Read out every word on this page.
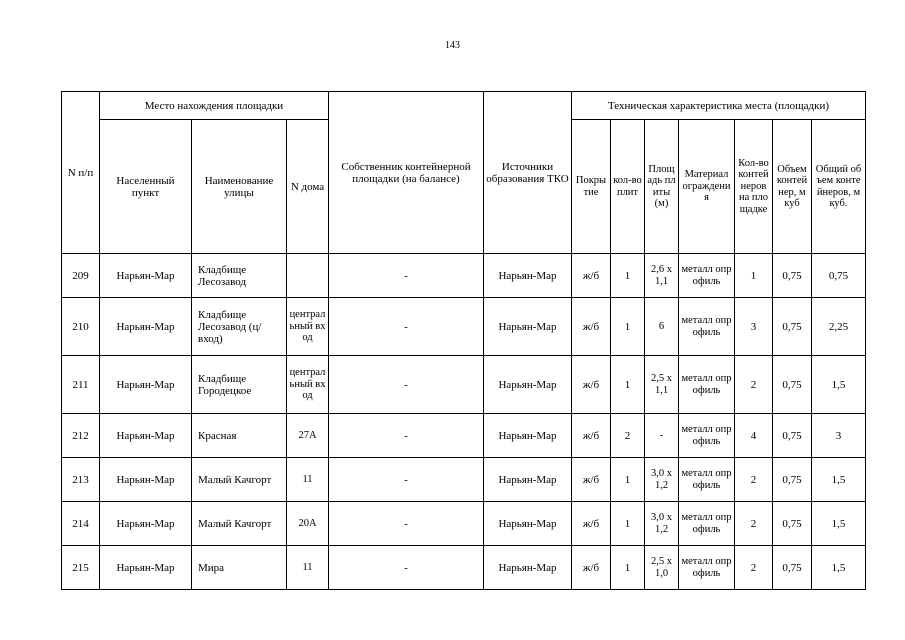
143
N п/п	Место нахождения площадки			Собственник контейнерной площадки (на балансе)	Источники образования ТКО	Техническая характеристика места (площадки)						
	Населенный пункт	Наименование улицы	N дома			Покрытие	кол-во плит	Площадь плиты (м)	Материал ограждения	Кол-во контейнеров на площадке	Объем контейнер, м куб	Общий объем контейнеров, м куб.
209	Нарьян-Мар	Кладбище Лесозавод		-	Нарьян-Мар	ж/б	1	2,6 х 1,1	металл опрофиль	1	0,75	0,75
210	Нарьян-Мар	Кладбище Лесозавод (ц/вход)	центральный вход	-	Нарьян-Мар	ж/б	1	6	металл опрофиль	3	0,75	2,25
211	Нарьян-Мар	Кладбище Городецкое	центральный вход	-	Нарьян-Мар	ж/б	1	2,5 х 1,1	металл опрофиль	2	0,75	1,5
212	Нарьян-Мар	Красная	27А	-	Нарьян-Мар	ж/б	2	-	металл опрофиль	4	0,75	3
213	Нарьян-Мар	Малый Качгорт	11	-	Нарьян-Мар	ж/б	1	3,0 х 1,2	металл опрофиль	2	0,75	1,5
214	Нарьян-Мар	Малый Качгорт	20А	-	Нарьян-Мар	ж/б	1	3,0 х 1,2	металл опрофиль	2	0,75	1,5
215	Нарьян-Мар	Мира	11	-	Нарьян-Мар	ж/б	1	2,5 х 1,0	металл опрофиль	2	0,75	1,5
